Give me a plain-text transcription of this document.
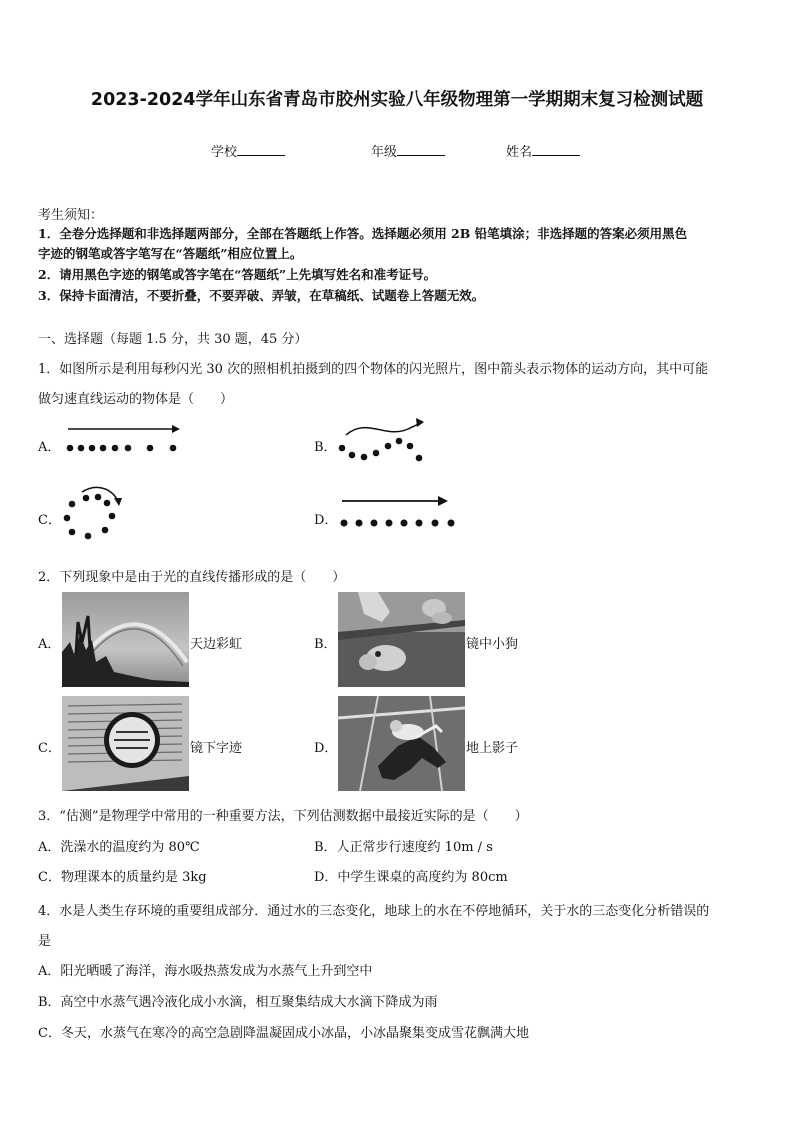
2023-2024学年山东省青岛市胶州实验八年级物理第一学期期末复习检测试题
学校	年级	姓名
考生须知：
1．全卷分选择题和非选择题两部分，全部在答题纸上作答。选择题必须用 2B 铅笔填涂；非选择题的答案必须用黑色
字迹的钢笔或答字笔写在“答题纸”相应位置上。
2．请用黑色字迹的钢笔或答字笔在“答题纸”上先填写姓名和准考证号。
3．保持卡面清洁，不要折叠，不要弄破、弄皱，在草稿纸、试题卷上答题无效。
一、选择题（每题 1.5 分，共 30 题，45 分）
1．如图所示是利用每秒闪光 30 次的照相机拍摄到的四个物体的闪光照片，图中箭头表示物体的运动方向，其中可能
做匀速直线运动的物体是（　　）
A．	B．
C．	D．
2．下列现象中是由于光的直线传播形成的是（　　）
A．	天边彩虹	B．	镜中小狗
C．	镜下字迹	D．	地上影子
3．“估测”是物理学中常用的一种重要方法，下列估测数据中最接近实际的是（　　）
A．洗澡水的温度约为 80℃	B．人正常步行速度约 10m / s
C．物理课本的质量约是 3kg	D．中学生课桌的高度约为 80cm
4．水是人类生存环境的重要组成部分．通过水的三态变化，地球上的水在不停地循环，关于水的三态变化分析错误的
是
A．阳光晒暖了海洋，海水吸热蒸发成为水蒸气上升到空中
B．高空中水蒸气遇冷液化成小水滴，相互聚集结成大水滴下降成为雨
C．冬天，水蒸气在寒冷的高空急剧降温凝固成小冰晶，小冰晶聚集变成雪花飘满大地
